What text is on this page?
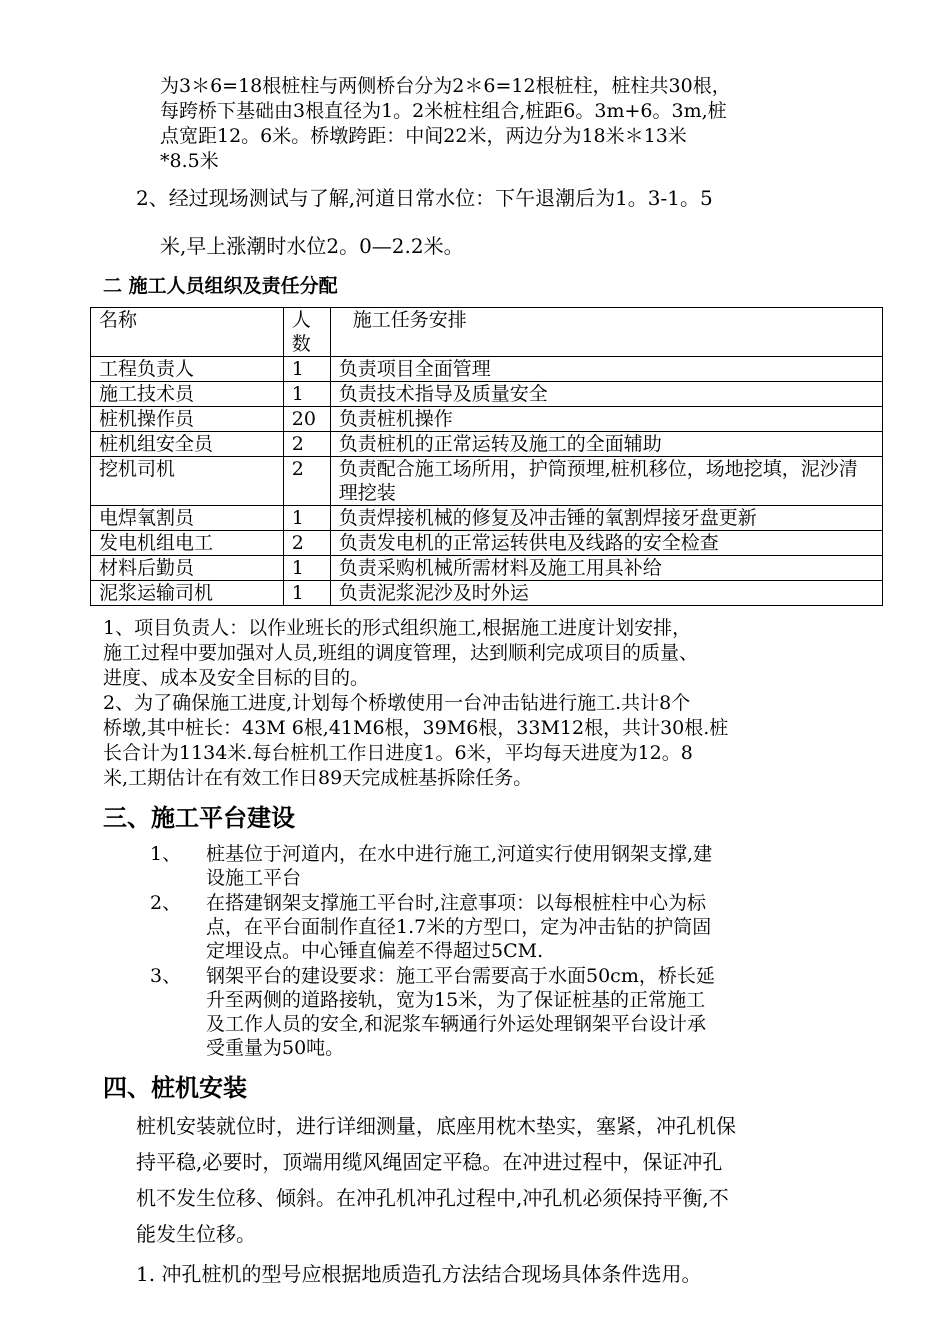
为3＊6=18根桩柱与两侧桥台分为2＊6=12根桩柱，桩柱共30根，

每跨桥下基础由3根直径为1。2米桩柱组合,桩距6。3m+6。3m,桩

点宽距12。6米。桥墩跨距：中间22米，两边分为18米＊13米

*8.5米

2、经过现场测试与了解,河道日常水位：下午退潮后为1。3-1。5

米,早上涨潮时水位2。0—2.2米。

二 施工人员组织及责任分配

名称	人数	施工任务安排
工程负责人	1	负责项目全面管理
施工技术员	1	负责技术指导及质量安全
桩机操作员	20	负责桩机操作
桩机组安全员	2	负责桩机的正常运转及施工的全面辅助
挖机司机	2	负责配合施工场所用，护筒预埋,桩机移位，场地挖填，泥沙清理挖装
电焊氧割员	1	负责焊接机械的修复及冲击锤的氧割焊接牙盘更新
发电机组电工	2	负责发电机的正常运转供电及线路的安全检查
材料后勤员	1	负责采购机械所需材料及施工用具补给
泥浆运输司机	1	负责泥浆泥沙及时外运

1、项目负责人：以作业班长的形式组织施工,根据施工进度计划安排，

施工过程中要加强对人员,班组的调度管理，达到顺利完成项目的质量、

进度、成本及安全目标的目的。

2、为了确保施工进度,计划每个桥墩使用一台冲击钻进行施工.共计8个

桥墩,其中桩长：43M 6根,41M6根，39M6根，33M12根，共计30根.桩

长合计为1134米.每台桩机工作日进度1。6米，平均每天进度为12。8

米,工期估计在有效工作日89天完成桩基拆除任务。

三、施工平台建设

1、 桩基位于河道内，在水中进行施工,河道实行使用钢架支撑,建

设施工平台

2、 在搭建钢架支撑施工平台时,注意事项：以每根桩柱中心为标

点，在平台面制作直径1.7米的方型口，定为冲击钻的护筒固

定埋设点。中心锤直偏差不得超过5CM.

3、 钢架平台的建设要求：施工平台需要高于水面50cm，桥长延

升至两侧的道路接轨，宽为15米，为了保证桩基的正常施工

及工作人员的安全,和泥浆车辆通行外运处理钢架平台设计承

受重量为50吨。

四、桩机安装

桩机安装就位时，进行详细测量，底座用枕木垫实，塞紧，冲孔机保

持平稳,必要时，顶端用缆风绳固定平稳。在冲进过程中，保证冲孔

机不发生位移、倾斜。在冲孔机冲孔过程中,冲孔机必须保持平衡,不

能发生位移。

1. 冲孔桩机的型号应根据地质造孔方法结合现场具体条件选用。
